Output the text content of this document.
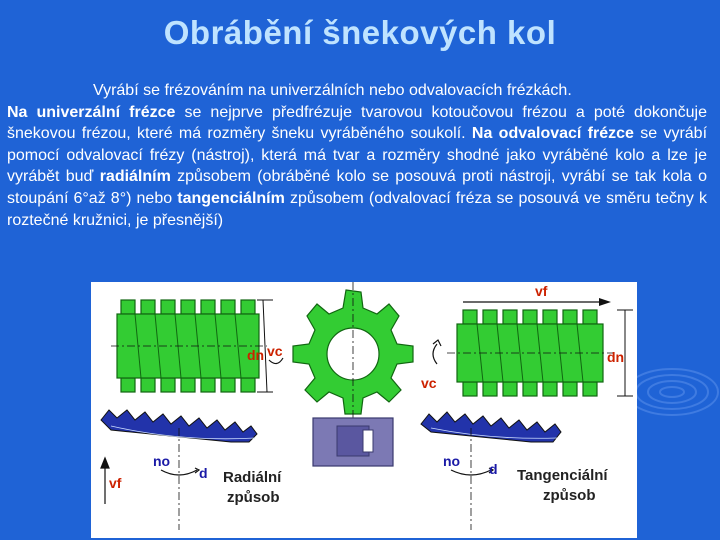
Obrábění šnekových kol

Vyrábí se frézováním na univerzálních nebo odvalovacích frézkách.
Na univerzální frézce se nejprve předfrézuje tvarovou kotoučovou frézou a poté dokončuje šnekovou frézou, které má rozměry šneku vyráběného soukolí. Na odvalovací frézce se vyrábí pomocí odvalovací frézy (nástroj), která má tvar a rozměry shodné jako vyráběné kolo a lze je vyrábět buď radiálním způsobem (obráběné kolo se posouvá proti nástroji, vyrábí se tak kola o stoupání 6°až 8°) nebo tangenciálním způsobem (odvalovací fréza se posouvá ve směru tečny k roztečné kružnici, je přesnější)

dn vc
no
d
vf	Radiální
způsob
vf
dn
vc
no d Tangenciální
způsob
